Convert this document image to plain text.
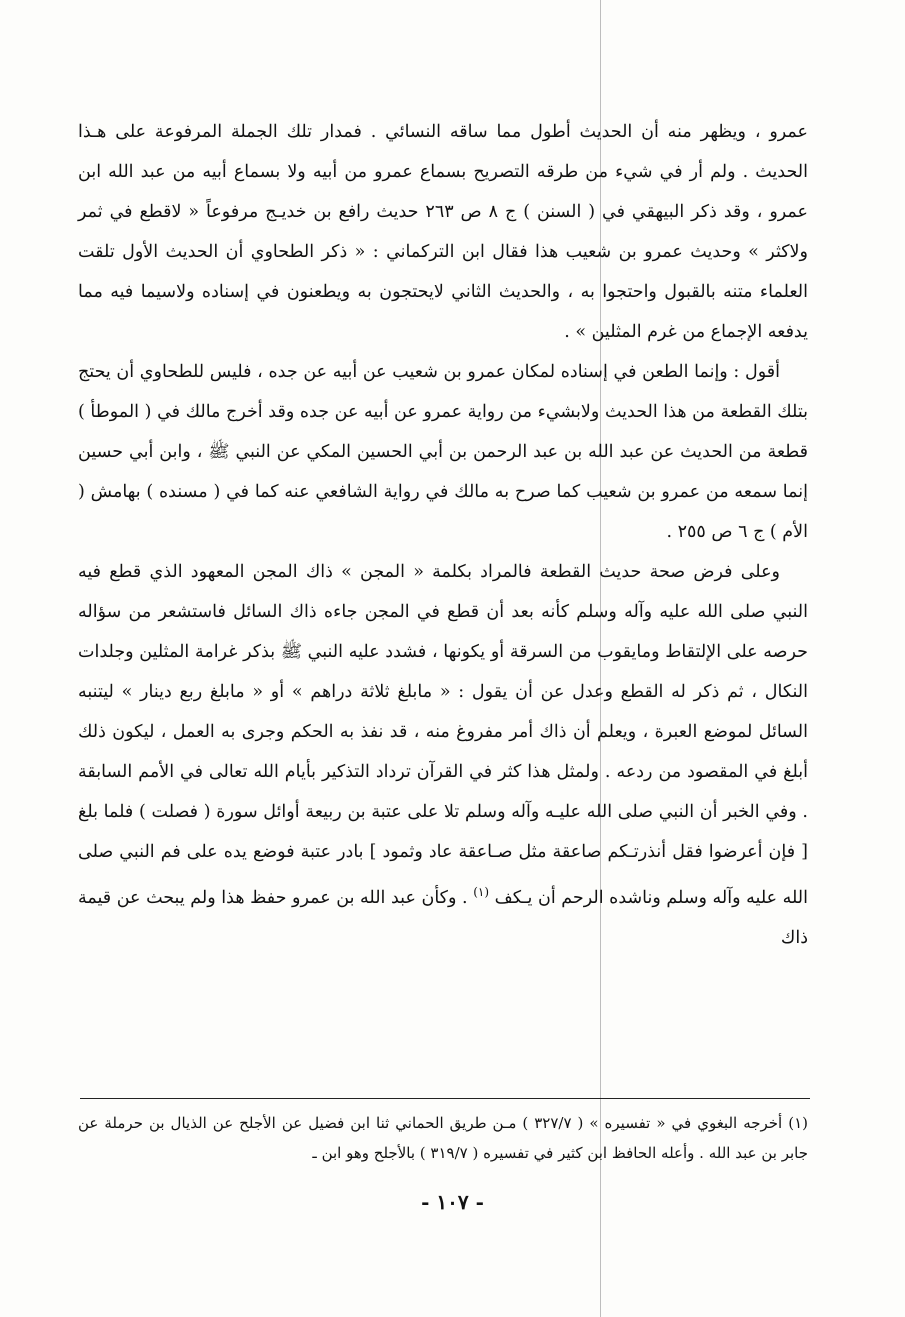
عمرو ، ويظهر منه أن الحديث أطول مما ساقه النسائي . فمدار تلك الجملة المرفوعة على هـذا الحديث . ولم أر في شيء من طرقه التصريح بسماع عمرو من أبيه ولا بسماع أبيه من عبد الله ابن عمرو ، وقد ذكر البيهقي في ( السنن ) ج ٨ ص ٢٦٣ حديث رافع بن خديـج مرفوعاً « لاقطع في ثمر ولاكثر » وحديث عمرو بن شعيب هذا فقال ابن التركماني : « ذكر الطحاوي أن الحديث الأول تلقت العلماء متنه بالقبول واحتجوا به ، والحديث الثاني لايحتجون به ويطعنون في إسناده ولاسيما فيه مما يدفعه الإجماع من غرم المثلين » .

أقول : وإنما الطعن في إسناده لمكان عمرو بن شعيب عن أبيه عن جده ، فليس للطحاوي أن يحتج بتلك القطعة من هذا الحديث ولابشيء من رواية عمرو عن أبيه عن جده وقد أخرج مالك في ( الموطأ ) قطعة من الحديث عن عبد الله بن عبد الرحمن بن أبي الحسين المكي عن النبي ﷺ ، وابن أبي حسين إنما سمعه من عمرو بن شعيب كما صرح به مالك في رواية الشافعي عنه كما في ( مسنده ) بهامش ( الأم ) ج ٦ ص ٢٥٥ .

وعلى فرض صحة حديث القطعة فالمراد بكلمة « المجن » ذاك المجن المعهود الذي قطع فيه النبي صلى الله عليه وآله وسلم كأنه بعد أن قطع في المجن جاءه ذاك السائل فاستشعر من سؤاله حرصه على الإلتقاط ومايقوب من السرقة أو يكونها ، فشدد عليه النبي ﷺ بذكر غرامة المثلين وجلدات النكال ، ثم ذكر له القطع وعدل عن أن يقول : « مابلغ ثلاثة دراهم » أو « مابلغ ربع دينار » ليتنبه السائل لموضع العبرة ، ويعلم أن ذاك أمر مفروغ منه ، قد نفذ به الحكم وجرى به العمل ، ليكون ذلك أبلغ في المقصود من ردعه . ولمثل هذا كثر في القرآن ترداد التذكير بأيام الله تعالى في الأمم السابقة . وفي الخبر أن النبي صلى الله عليـه وآله وسلم تلا على عتبة بن ربيعة أوائل سورة ( فصلت ) فلما بلغ [ فإن أعرضوا فقل أنذرتـكم صاعقة مثل صـاعقة عاد وثمود ] بادر عتبة فوضع يده على فم النبي صلى الله عليه وآله وسلم وناشده الرحم أن يـكف $^{(١)}$ . وكأن عبد الله بن عمرو حفظ هذا ولم يبحث عن قيمة ذاك

(١) أخرجه البغوي في « تفسيره » ( ٣٢٧/٧ ) مـن طريق الحماني ثنا ابن فضيل عن الأجلح عن الذيال بن حرملة عن جابر بن عبد الله . وأعله الحافظ ابن كثير في تفسيره ( ٣١٩/٧ ) بالأجلح وهو ابن ـ

- ١٠٧ -
